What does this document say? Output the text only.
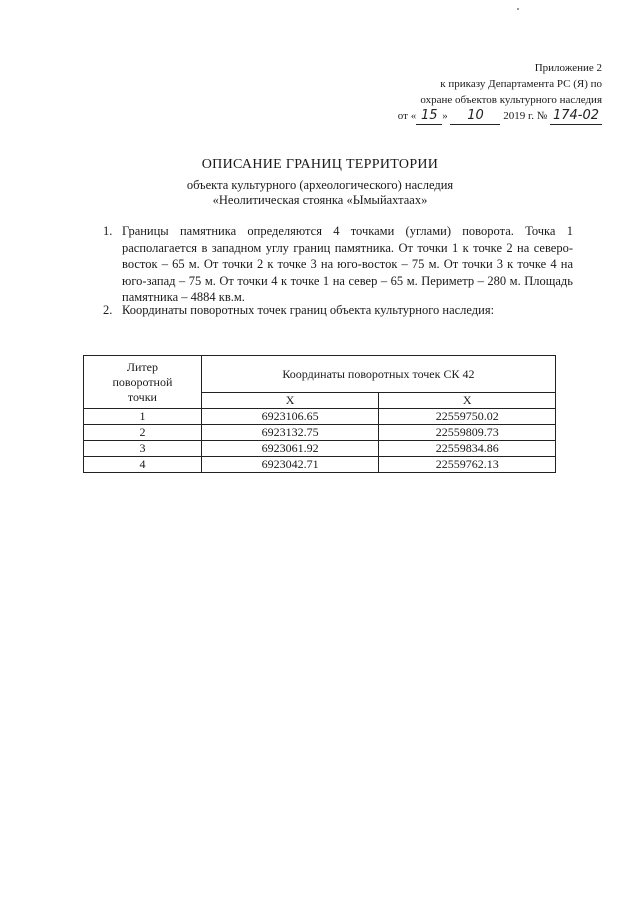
Приложение 2
к приказу Департамента РС (Я) по
охране объектов культурного наследия
от « 15 » 10 2019 г. № 174-02
ОПИСАНИЕ ГРАНИЦ ТЕРРИТОРИИ
объекта культурного (археологического) наследия
«Неолитическая стоянка «Ымыйахтаах»
1. Границы памятника определяются 4 точками (углами) поворота. Точка 1 располагается в западном углу границ памятника. От точки 1 к точке 2 на северо-восток – 65 м. От точки 2 к точке 3 на юго-восток – 75 м. От точки 3 к точке 4 на юго-запад – 75 м. От точки 4 к точке 1 на север – 65 м. Периметр – 280 м. Площадь памятника – 4884 кв.м.
2. Координаты поворотных точек границ объекта культурного наследия:
Литер поворотной точки	Координаты поворотных точек СК 42	
	X	X
1	6923106.65	22559750.02
2	6923132.75	22559809.73
3	6923061.92	22559834.86
4	6923042.71	22559762.13
